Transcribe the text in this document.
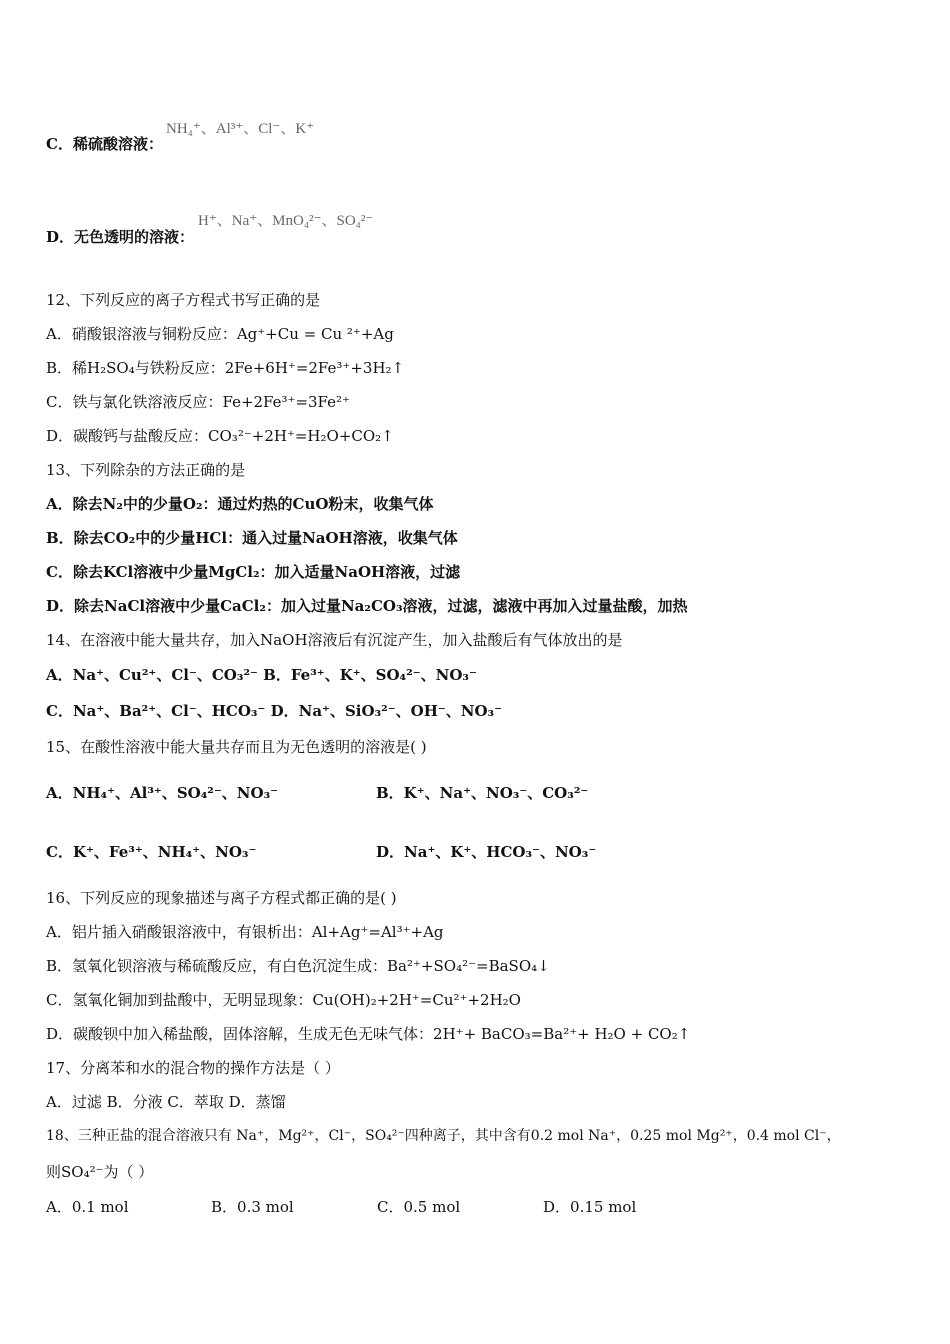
NH₄⁺、Al³⁺、Cl⁻、K⁺
C．稀硫酸溶液：
H⁺、Na⁺、MnO₄²⁻、SO₄²⁻
D．无色透明的溶液：
12、下列反应的离子方程式书写正确的是
A．硝酸银溶液与铜粉反应：Ag⁺+Cu = Cu ²⁺+Ag
B．稀H₂SO₄与铁粉反应：2Fe+6H⁺=2Fe³⁺+3H₂↑
C．铁与氯化铁溶液反应：Fe+2Fe³⁺=3Fe²⁺
D．碳酸钙与盐酸反应：CO₃²⁻+2H⁺=H₂O+CO₂↑
13、下列除杂的方法正确的是
A．除去N₂中的少量O₂：通过灼热的CuO粉末，收集气体
B．除去CO₂中的少量HCl：通入过量NaOH溶液，收集气体
C．除去KCl溶液中少量MgCl₂：加入适量NaOH溶液，过滤
D．除去NaCl溶液中少量CaCl₂：加入过量Na₂CO₃溶液，过滤，滤液中再加入过量盐酸，加热
14、在溶液中能大量共存，加入NaOH溶液后有沉淀产生，加入盐酸后有气体放出的是
A．Na⁺、Cu²⁺、Cl⁻、CO₃²⁻ B．Fe³⁺、K⁺、SO₄²⁻、NO₃⁻
C．Na⁺、Ba²⁺、Cl⁻、HCO₃⁻ D．Na⁺、SiO₃²⁻、OH⁻、NO₃⁻
15、在酸性溶液中能大量共存而且为无色透明的溶液是( )
A．NH₄⁺、Al³⁺、SO₄²⁻、NO₃⁻	B．K⁺、Na⁺、NO₃⁻、CO₃²⁻
C．K⁺、Fe³⁺、NH₄⁺、NO₃⁻	D．Na⁺、K⁺、HCO₃⁻、NO₃⁻
16、下列反应的现象描述与离子方程式都正确的是( )
A．铝片插入硝酸银溶液中，有银析出：Al+Ag⁺=Al³⁺+Ag
B．氢氧化钡溶液与稀硫酸反应，有白色沉淀生成：Ba²⁺+SO₄²⁻=BaSO₄↓
C．氢氧化铜加到盐酸中，无明显现象：Cu(OH)₂+2H⁺=Cu²⁺+2H₂O
D．碳酸钡中加入稀盐酸，固体溶解，生成无色无味气体：2H⁺+ BaCO₃=Ba²⁺+ H₂O + CO₂↑
17、分离苯和水的混合物的操作方法是（ ）
A．过滤 B．分液 C．萃取 D．蒸馏
18、三种正盐的混合溶液只有 Na⁺，Mg²⁺，Cl⁻，SO₄²⁻四种离子，其中含有0.2 mol Na⁺，0.25 mol Mg²⁺，0.4 mol Cl⁻，
则SO₄²⁻为（ ）
A．0.1 mol	B．0.3 mol	C．0.5 mol	D．0.15 mol
